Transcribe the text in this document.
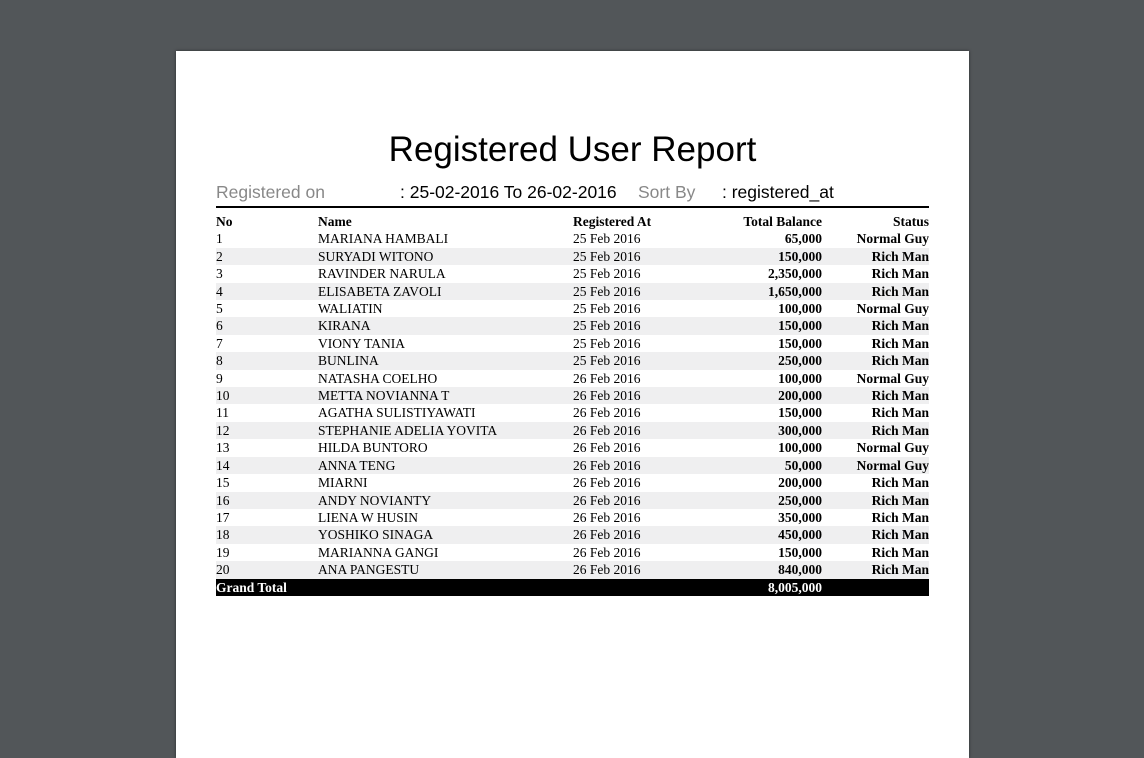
Registered User Report
Registered on	: 25-02-2016 To 26-02-2016 Sort By : registered_at
No	Name	Registered At	Total Balance	Status
1	MARIANA HAMBALI	25 Feb 2016	65,000	Normal Guy
2	SURYADI WITONO	25 Feb 2016	150,000	Rich Man
3	RAVINDER NARULA	25 Feb 2016	2,350,000	Rich Man
4	ELISABETA ZAVOLI	25 Feb 2016	1,650,000	Rich Man
5	WALIATIN	25 Feb 2016	100,000	Normal Guy
6	KIRANA	25 Feb 2016	150,000	Rich Man
7	VIONY TANIA	25 Feb 2016	150,000	Rich Man
8	BUNLINA	25 Feb 2016	250,000	Rich Man
9	NATASHA COELHO	26 Feb 2016	100,000	Normal Guy
10	METTA NOVIANNA T	26 Feb 2016	200,000	Rich Man
11	AGATHA SULISTIYAWATI	26 Feb 2016	150,000	Rich Man
12	STEPHANIE ADELIA YOVITA	26 Feb 2016	300,000	Rich Man
13	HILDA BUNTORO	26 Feb 2016	100,000	Normal Guy
14	ANNA TENG	26 Feb 2016	50,000	Normal Guy
15	MIARNI	26 Feb 2016	200,000	Rich Man
16	ANDY NOVIANTY	26 Feb 2016	250,000	Rich Man
17	LIENA W HUSIN	26 Feb 2016	350,000	Rich Man
18	YOSHIKO SINAGA	26 Feb 2016	450,000	Rich Man
19	MARIANNA GANGI	26 Feb 2016	150,000	Rich Man
20	ANA PANGESTU	26 Feb 2016	840,000	Rich Man
Grand Total			8,005,000	
